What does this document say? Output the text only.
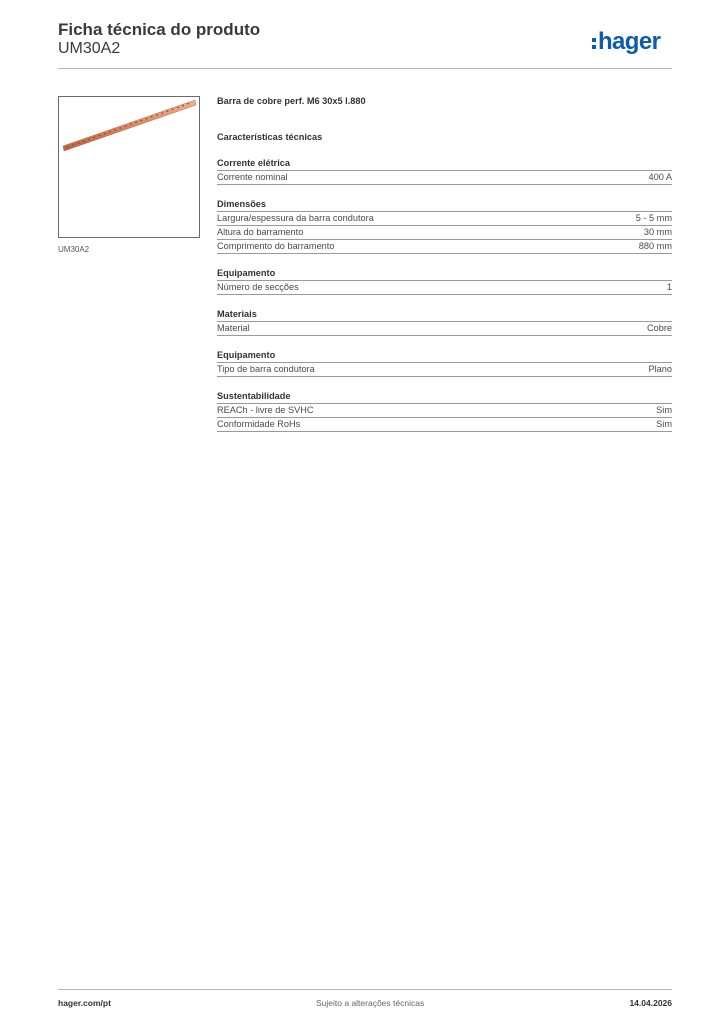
Ficha técnica do produto
UM30A2	hager
UM30A2
Barra de cobre perf. M6 30x5 l.880
Características técnicas
Corrente elétrica
Corrente nominal	400 A
Dimensões
Largura/espessura da barra condutora	5 - 5 mm
Altura do barramento	30 mm
Comprimento do barramento	880 mm
Equipamento
Número de secções	1
Materiais
Material	Cobre
Equipamento
Tipo de barra condutora	Plano
Sustentabilidade
REACh - livre de SVHC	Sim
Conformidade RoHs	Sim
hager.com/pt	Sujeito a alterações técnicas	14.04.2026
